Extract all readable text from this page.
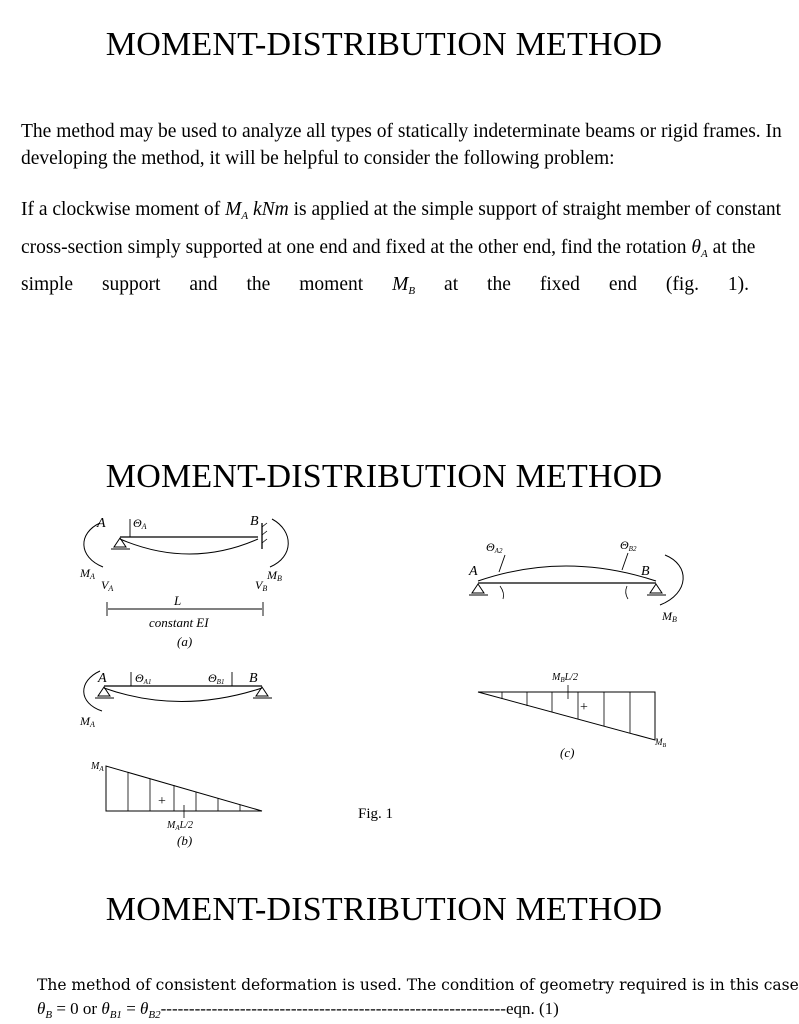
MOMENT-DISTRIBUTION METHOD
The method may be used to analyze all types of statically indeterminate beams or rigid frames. In
developing the method, it will be helpful to consider the following problem:
If a clockwise moment of $M_A$ kNm is applied at the simple support of straight member of constant
cross-section simply supported at one end and fixed at the other end, find the rotation $\theta_A$ at the
simple support and the moment $M_B$ at the fixed end (fig. 1).
MOMENT-DISTRIBUTION METHOD
A	B
ΘA
MA
VA
MB
VB
L
constant EI
(a)
A	B
ΘA1	ΘB1
MA
$M_A$
+
$M_AL/2$
(b)
A	B
ΘA2	ΘB2
MB
$M_BL/2$
+
$M_B$
(c)
Fig. 1
MOMENT-DISTRIBUTION METHOD
The method of consistent deformation is used. The condition of geometry required is in this case
$\theta_B = 0$ or $\theta_{B1} = \theta_{B2}-------------------------------------------------------------eqn$. (1)
